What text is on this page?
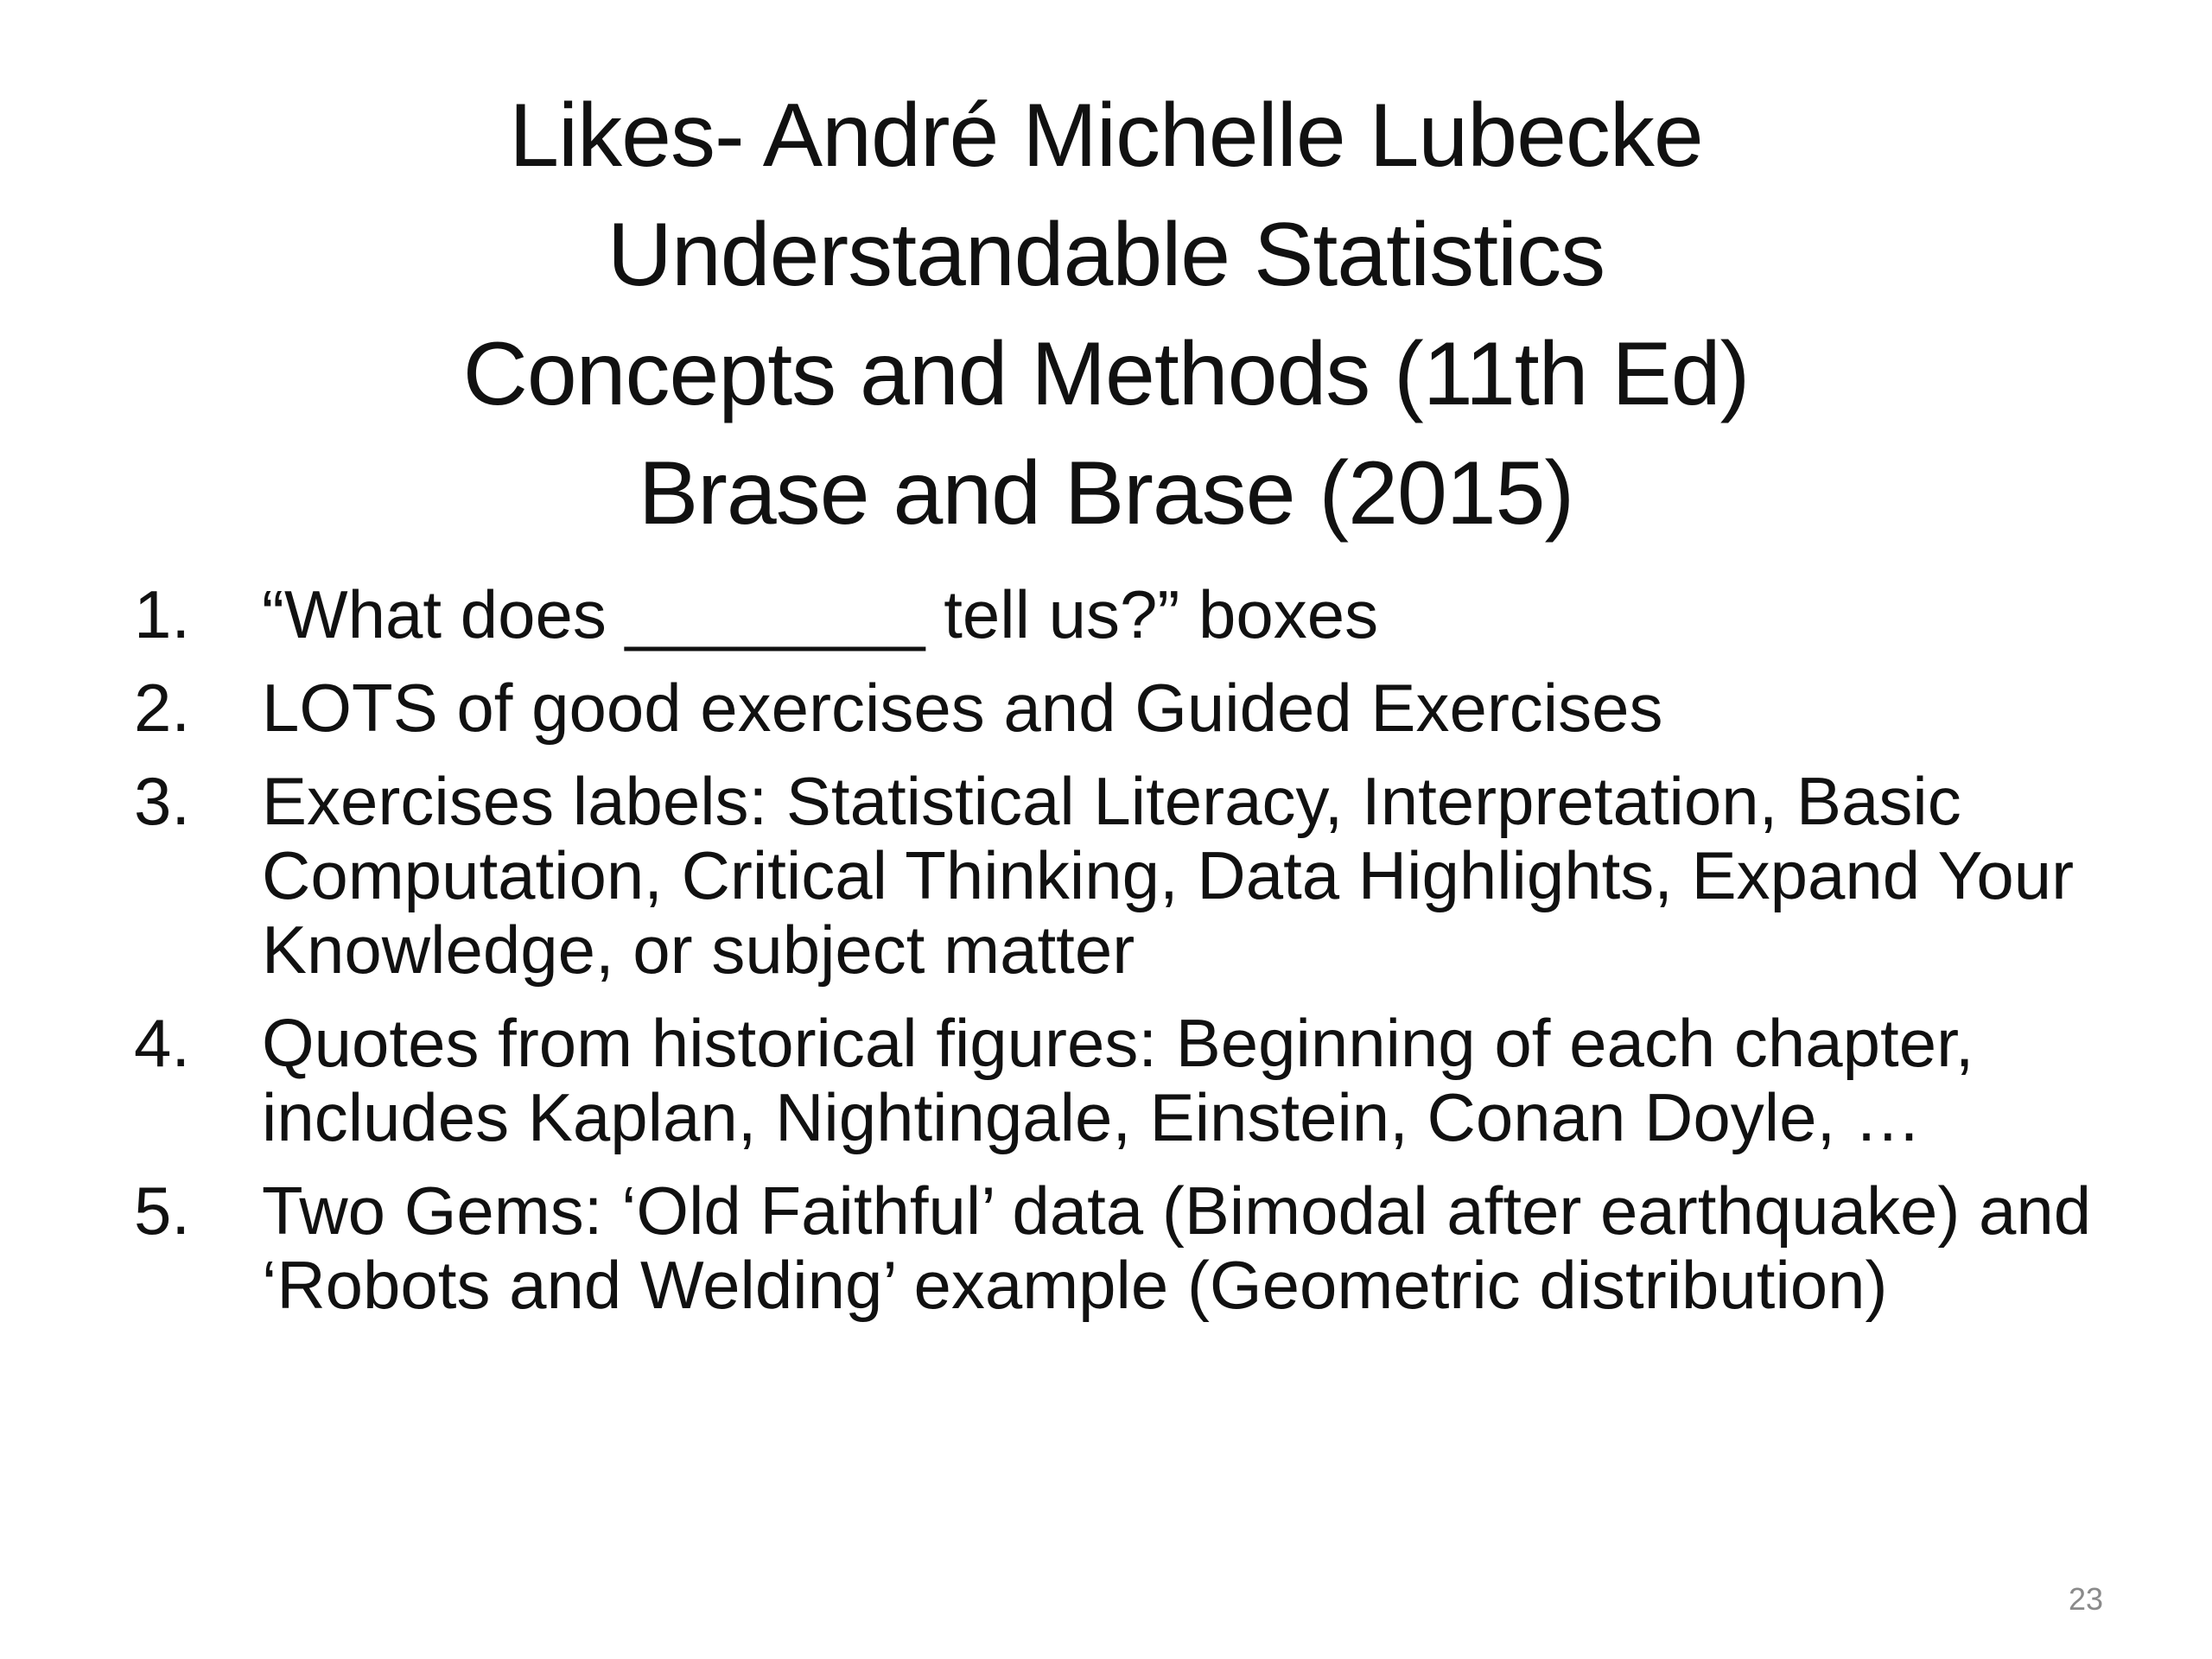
Likes- André Michelle Lubecke
Understandable Statistics
Concepts and Methods (11th Ed)
Brase and Brase (2015)
1. “What does ________ tell us?” boxes
2. LOTS of good exercises and Guided Exercises
3. Exercises labels: Statistical Literacy, Interpretation, Basic Computation, Critical Thinking, Data Highlights, Expand Your Knowledge, or subject matter
4. Quotes from historical figures: Beginning of each chapter, includes Kaplan, Nightingale, Einstein, Conan Doyle, …
5. Two Gems: ‘Old Faithful’ data (Bimodal after earthquake) and ‘Robots and Welding’ example (Geometric distribution)
23
